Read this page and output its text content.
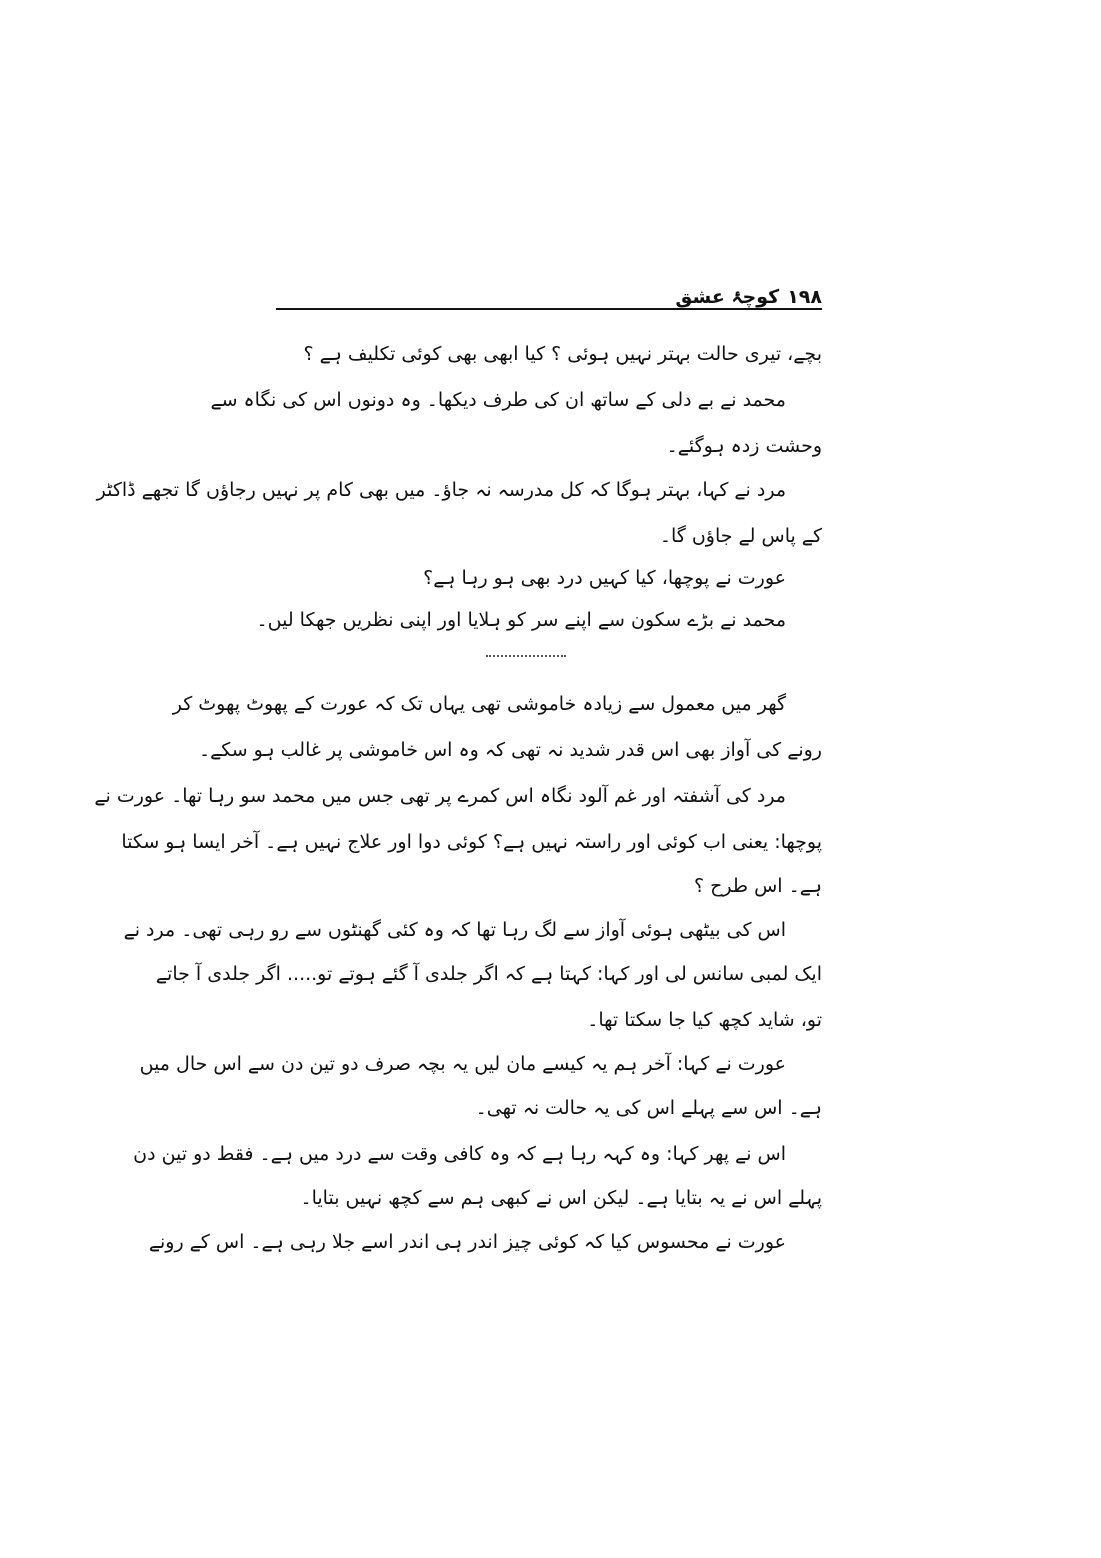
۱۹۸
کوچۂ عشق
بچے، تیری حالت بہتر نہیں ہوئی ؟ کیا ابھی بھی کوئی تکلیف ہے ؟
محمد نے بے دلی کے ساتھ ان کی طرف دیکھا۔ وہ دونوں اس کی نگاہ سے
وحشت زدہ ہوگئے۔
مرد نے کہا، بہتر ہوگا کہ کل مدرسہ نہ جاؤ۔ میں بھی کام پر نہیں رجاؤں گا تجھے ڈاکٹر
کے پاس لے جاؤں گا۔
عورت نے پوچھا، کیا کہیں درد بھی ہو رہا ہے؟
محمد نے بڑے سکون سے اپنے سر کو ہلایا اور اپنی نظریں جھکا لیں۔
گھر میں معمول سے زیادہ خاموشی تھی یہاں تک کہ عورت کے پھوٹ پھوٹ کر
رونے کی آواز بھی اس قدر شدید نہ تھی کہ وہ اس خاموشی پر غالب ہو سکے۔
مرد کی آشفتہ اور غم آلود نگاہ اس کمرے پر تھی جس میں محمد سو رہا تھا۔ عورت نے
پوچھا: یعنی اب کوئی اور راستہ نہیں ہے؟ کوئی دوا اور علاج نہیں ہے۔ آخر ایسا ہو سکتا
ہے۔ اس طرح ؟
اس کی بیٹھی ہوئی آواز سے لگ رہا تھا کہ وہ کئی گھنٹوں سے رو رہی تھی۔ مرد نے
ایک لمبی سانس لی اور کہا: کہتا ہے کہ اگر جلدی آ گئے ہوتے تو..... اگر جلدی آ جاتے
تو، شاید کچھ کیا جا سکتا تھا۔
عورت نے کہا: آخر ہم یہ کیسے مان لیں یہ بچہ صرف دو تین دن سے اس حال میں
ہے۔ اس سے پہلے اس کی یہ حالت نہ تھی۔
اس نے پھر کہا: وہ کہہ رہا ہے کہ وہ کافی وقت سے درد میں ہے۔ فقط دو تین دن
پہلے اس نے یہ بتایا ہے۔ لیکن اس نے کبھی ہم سے کچھ نہیں بتایا۔
عورت نے محسوس کیا کہ کوئی چیز اندر ہی اندر اسے جلا رہی ہے۔ اس کے رونے
